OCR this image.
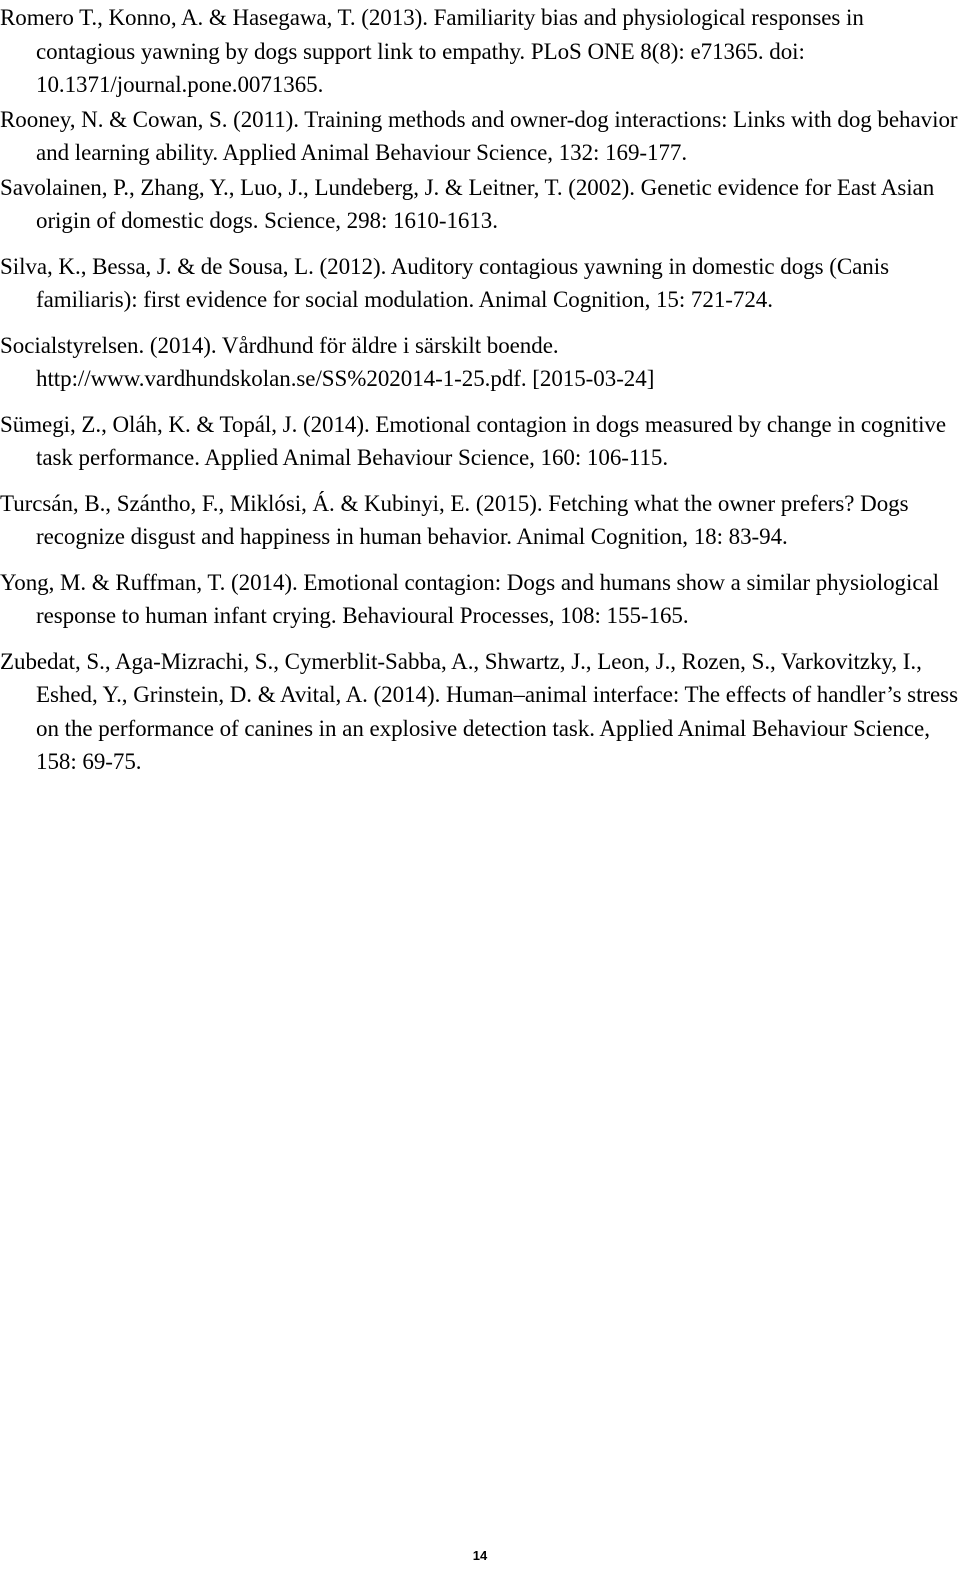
Romero T., Konno, A. & Hasegawa, T. (2013). Familiarity bias and physiological responses in contagious yawning by dogs support link to empathy. PLoS ONE 8(8): e71365. doi: 10.1371/journal.pone.0071365.

Rooney, N. & Cowan, S. (2011). Training methods and owner-dog interactions: Links with dog behavior and learning ability. Applied Animal Behaviour Science, 132: 169-177.

Savolainen, P., Zhang, Y., Luo, J., Lundeberg, J. & Leitner, T. (2002). Genetic evidence for East Asian origin of domestic dogs. Science, 298: 1610-1613.

Silva, K., Bessa, J. & de Sousa, L. (2012). Auditory contagious yawning in domestic dogs (Canis familiaris): first evidence for social modulation. Animal Cognition, 15: 721-724.

Socialstyrelsen. (2014). Vårdhund för äldre i särskilt boende. http://www.vardhundskolan.se/SS%202014-1-25.pdf. [2015-03-24]

Sümegi, Z., Oláh, K. & Topál, J. (2014). Emotional contagion in dogs measured by change in cognitive task performance. Applied Animal Behaviour Science, 160: 106-115.

Turcsán, B., Szántho, F., Miklósi, Á. & Kubinyi, E. (2015). Fetching what the owner prefers? Dogs recognize disgust and happiness in human behavior. Animal Cognition, 18: 83-94.

Yong, M. & Ruffman, T. (2014). Emotional contagion: Dogs and humans show a similar physiological response to human infant crying. Behavioural Processes, 108: 155-165.

Zubedat, S., Aga-Mizrachi, S., Cymerblit-Sabba, A., Shwartz, J., Leon, J., Rozen, S., Varkovitzky, I., Eshed, Y., Grinstein, D. & Avital, A. (2014). Human–animal interface: The effects of handler’s stress on the performance of canines in an explosive detection task. Applied Animal Behaviour Science, 158: 69-75.

14
